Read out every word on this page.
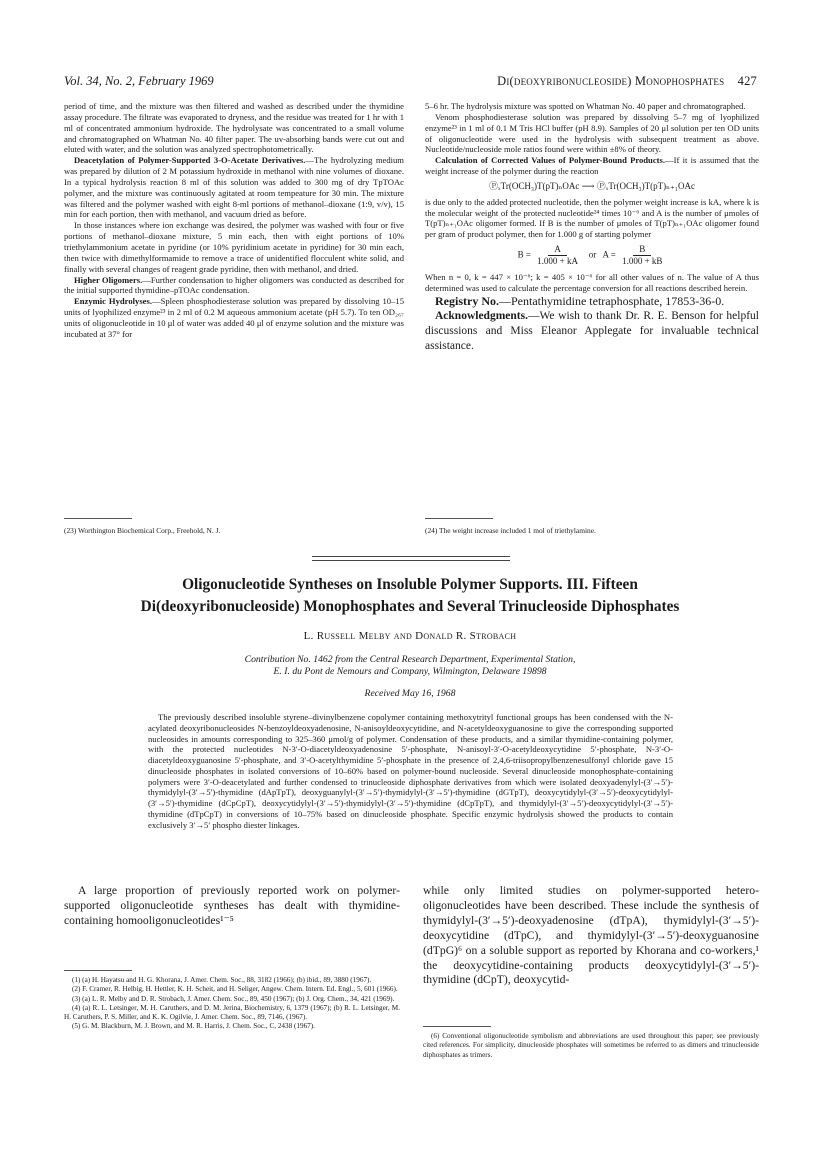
Vol. 34, No. 2, February 1969	Di(deoxyribonucleoside) Monophosphates 427

period of time, and the mixture was then filtered and washed as described under the thymidine assay procedure. The filtrate was evaporated to dryness, and the residue was treated for 1 hr with 1 ml of concentrated ammonium hydroxide. The hydrolysate was concentrated to a small volume and chromatographed on Whatman No. 40 filter paper. The uv-absorbing bands were cut out and eluted with water, and the solution was analyzed spectrophotometrically.

Deacetylation of Polymer-Supported 3-O-Acetate Derivatives.—The hydrolyzing medium was prepared by dilution of 2 M potassium hydroxide in methanol with nine volumes of dioxane. In a typical hydrolysis reaction 8 ml of this solution was added to 300 mg of dry TpTOAc polymer, and the mixture was continuously agitated at room tempeature for 30 min. The mixture was filtered and the polymer washed with eight 8-ml portions of methanol–dioxane (1:9, v/v), 15 min for each portion, then with methanol, and vacuum dried as before.

In those instances where ion exchange was desired, the polymer was washed with four or five portions of methanol–dioxane mixture, 5 min each, then with eight portions of 10% triethylammonium acetate in pyridine (or 10% pyridinium acetate in pyridine) for 30 min each, then twice with dimethylformamide to remove a trace of unidentified flocculent white solid, and finally with several changes of reagent grade pyridine, then with methanol, and dried.

Higher Oligomers.—Further condensation to higher oligomers was conducted as described for the initial supported thymidine–pTOAc condensation.

Enzymic Hydrolyses.—Spleen phosphodiesterase solution was prepared by dissolving 10–15 units of lyophilized enzyme²³ in 2 ml of 0.2 M aqueous ammonium acetate (pH 5.7). To ten OD₂₆₇ units of oligonucleotide in 10 μl of water was added 40 μl of enzyme solution and the mixture was incubated at 37° for

5–6 hr. The hydrolysis mixture was spotted on Whatman No. 40 paper and chromatographed.

Venom phosphodiesterase solution was prepared by dissolving 5–7 mg of lyophilized enzyme²³ in 1 ml of 0.1 M Tris HCl buffer (pH 8.9). Samples of 20 μl solution per ten OD units of oligonucleotide were used in the hydrolysis with subsequent treatment as above. Nucleotide/nucleoside mole ratios found were within ±8% of theory.

Calculation of Corrected Values of Polymer-Bound Products.—If it is assumed that the weight increase of the polymer during the reaction

ⓅₓTr(OCH₃)T(pT)ₙOAc ⟶ ⓅₓTr(OCH₃)T(pT)ₙ₊₁OAc

is due only to the added protected nucleotide, then the polymer weight increase is kA, where k is the molecular weight of the protected nucleotide²⁴ times 10⁻⁶ and A is the number of μmoles of T(pT)ₙ₊₁OAc oligomer formed. If B is the number of μmoles of T(pT)ₙ₊₁OAc oligomer found per gram of product polymer, then for 1.000 g of starting polymer

$B = \frac{A}{1.000 + kA}$ or $A = \frac{B}{1.000 + kB}$

When n = 0, k = 447 × 10⁻⁶; k = 405 × 10⁻⁶ for all other values of n. The value of A thus determined was used to calculate the percentage conversion for all reactions described herein.

Registry No.—Pentathymidine tetraphosphate, 17853-36-0.

Acknowledgments.—We wish to thank Dr. R. E. Benson for helpful discussions and Miss Eleanor Applegate for invaluable technical assistance.

(23) Worthington Biochemical Corp., Freehold, N. J.	(24) The weight increase included 1 mol of triethylamine.
Oligonucleotide Syntheses on Insoluble Polymer Supports. III. Fifteen
Di(deoxyribonucleoside) Monophosphates and Several Trinucleoside Diphosphates
L. Russell Melby and Donald R. Strobach
Contribution No. 1462 from the Central Research Department, Experimental Station,
E. I. du Pont de Nemours and Company, Wilmington, Delaware 19898
Received May 16, 1968
The previously described insoluble styrene–divinylbenzene copolymer containing methoxytrityl functional groups has been condensed with the N-acylated deoxyribonucleosides N-benzoyldeoxyadenosine, N-anisoyldeoxycytidine, and N-acetyldeoxyguanosine to give the corresponding supported nucleosides in amounts corresponding to 325–360 μmol/g of polymer. Condensation of these products, and a similar thymidine-containing polymer, with the protected nucleotides N-3′-O-diacetyldeoxyadenosine 5′-phosphate, N-anisoyl-3′-O-acetyldeoxycytidine 5′-phosphate, N-3′-O-diacetyldeoxyguanosine 5′-phosphate, and 3′-O-acetylthymidine 5′-phosphate in the presence of 2,4,6-triisopropylbenzenesulfonyl chloride gave 15 dinucleoside phosphates in isolated conversions of 10–60% based on polymer-bound nucleoside. Several dinucleoside monophosphate-containing polymers were 3′-O-deacetylated and further condensed to trinucleoside diphosphate derivatives from which were isolated deoxyadenylyl-(3′→5′)-thymidylyl-(3′→5′)-thymidine (dApTpT), deoxyguanylyl-(3′→5′)-thymidylyl-(3′→5′)-thymidine (dGTpT), deoxycytidylyl-(3′→5′)-deoxycytidylyl-(3′→5′)-thymidine (dCpCpT), deoxycytidylyl-(3′→5′)-thymidylyl-(3′→5′)-thymidine (dCpTpT), and thymidylyl-(3′→5′)-deoxycytidylyl-(3′→5′)-thymidine (dTpCpT) in conversions of 10–75% based on dinucleoside phosphate. Specific enzymic hydrolysis showed the products to contain exclusively 3′→5′ phospho diester linkages.
A large proportion of previously reported work on polymer-supported oligonucleotide syntheses has dealt with thymidine-containing homooligonucleotides¹⁻⁵
while only limited studies on polymer-supported hetero-oligonucleotides have been described. These include the synthesis of thymidylyl-(3′→5′)-deoxyadenosine (dTpA), thymidylyl-(3′→5′)-deoxycytidine (dTpC), and thymidylyl-(3′→5′)-deoxyguanosine (dTpG)⁶ on a soluble support as reported by Khorana and co-workers,¹ the deoxycytidine-containing products deoxycytidylyl-(3′→5′)-thymidine (dCpT), deoxycytid-
(1) (a) H. Hayatsu and H. G. Khorana, J. Amer. Chem. Soc., 88, 3182 (1966); (b) ibid., 89, 3880 (1967).
(2) F. Cramer, R. Helbig, H. Hettler, K. H. Scheit, and H. Seliger, Angew. Chem. Intern. Ed. Engl., 5, 601 (1966).
(3) (a) L. R. Melby and D. R. Strobach, J. Amer. Chem. Soc., 89, 450 (1967); (b) J. Org. Chem., 34, 421 (1969).
(4) (a) R. L. Letsinger, M. H. Caruthers, and D. M. Jerina, Biochemistry, 6, 1379 (1967); (b) R. L. Letsinger, M. H. Caruthers, P. S. Miller, and K. K. Ogilvie, J. Amer. Chem. Soc., 89, 7146, (1967).
(5) G. M. Blackburn, M. J. Brown, and M. R. Harris, J. Chem. Soc., C, 2438 (1967).
(6) Conventional oligonucleotide symbolism and abbreviations are used throughout this paper; see previously cited references. For simplicity, dinucleoside phosphates will sometimes be referred to as dimers and trinucleoside diphosphates as trimers.
